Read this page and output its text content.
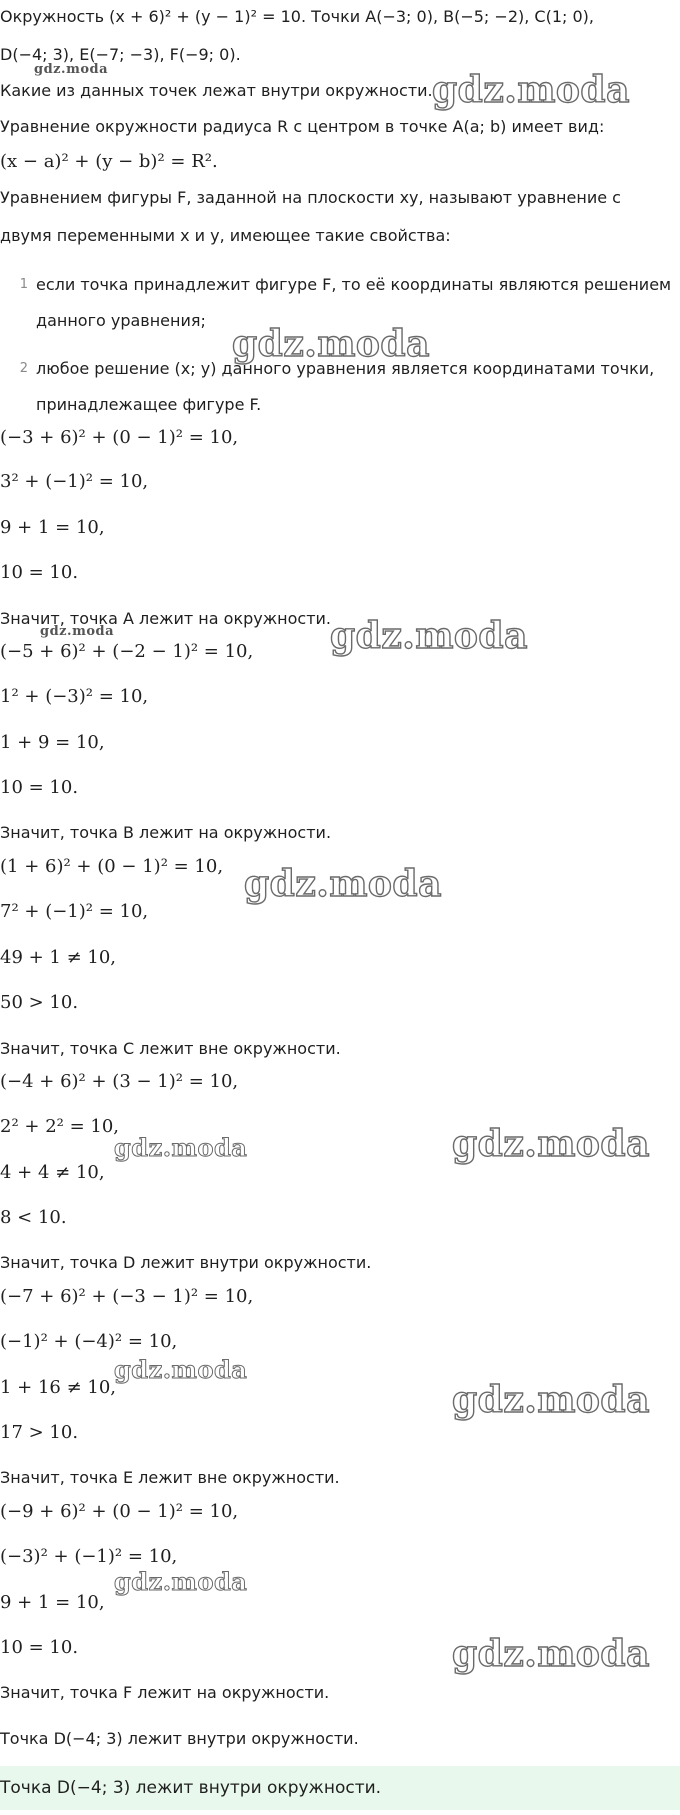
Окружность (x + 6)² + (y − 1)² = 10. Точки A(−3; 0), B(−5; −2), C(1; 0),
D(−4; 3), E(−7; −3), F(−9; 0).
Какие из данных точек лежат внутри окружности.
Уравнение окружности радиуса R с центром в точке A(a; b) имеет вид:
(x − a)² + (y − b)² = R².
Уравнением фигуры F, заданной на плоскости xy, называют уравнение с
двумя переменными x и y, имеющее такие свойства:
если точка принадлежит фигуре F, то её координаты являются решением
данного уравнения;
любое решение (x; y) данного уравнения является координатами точки,
принадлежащее фигуре F.
(−3 + 6)² + (0 − 1)² = 10,
3² + (−1)² = 10,
9 + 1 = 10,
10 = 10.
Значит, точка A лежит на окружности.
(−5 + 6)² + (−2 − 1)² = 10,
1² + (−3)² = 10,
1 + 9 = 10,
10 = 10.
Значит, точка B лежит на окружности.
(1 + 6)² + (0 − 1)² = 10,
7² + (−1)² = 10,
49 + 1 ≠ 10,
50 > 10.
Значит, точка C лежит вне окружности.
(−4 + 6)² + (3 − 1)² = 10,
2² + 2² = 10,
4 + 4 ≠ 10,
8 < 10.
Значит, точка D лежит внутри окружности.
(−7 + 6)² + (−3 − 1)² = 10,
(−1)² + (−4)² = 10,
1 + 16 ≠ 10,
17 > 10.
Значит, точка E лежит вне окружности.
(−9 + 6)² + (0 − 1)² = 10,
(−3)² + (−1)² = 10,
9 + 1 = 10,
10 = 10.
Значит, точка F лежит на окружности.
Точка D(−4; 3) лежит внутри окружности.
1
2
Точка D(−4; 3) лежит внутри окружности.
gdz.moda	gdz.moda
gdz.moda
gdz.moda	gdz.moda
gdz.moda
gdz.moda	gdz.moda
gdz.moda
gdz.moda
gdz.moda
gdz.moda
